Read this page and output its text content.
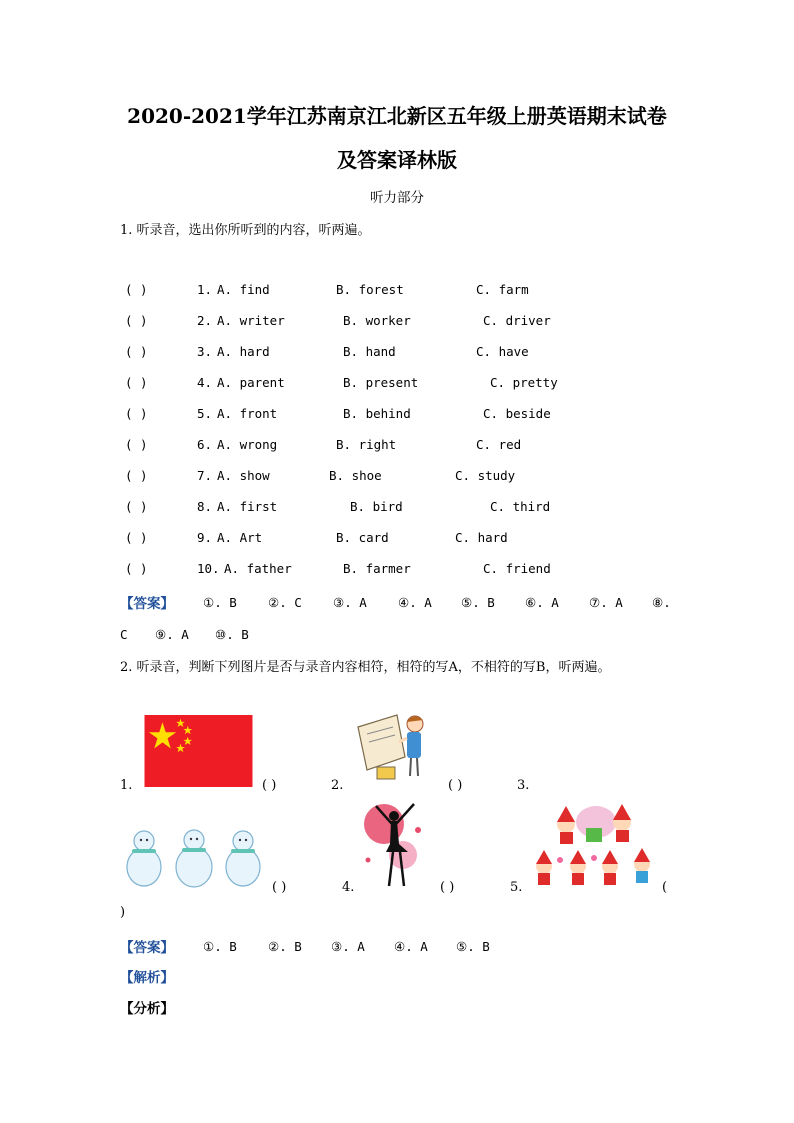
2020-2021学年江苏南京江北新区五年级上册英语期末试卷
及答案译林版
听力部分
1. 听录音，选出你所听到的内容，听两遍。
( )	1. A. find	B. forest	C. farm
( )	2. A. writer	B. worker	C. driver
( )	3. A. hard	B. hand	C. have
( )	4. A. parent	B. present	C. pretty
( )	5. A. front	B. behind	C. beside
( )	6. A. wrong	B. right	C. red
( )	7. A. show	B. shoe	C. study
( )	8. A. first	B. bird	C. third
( )	9. A. Art	B. card	C. hard
( )	10. A. father	B. farmer	C. friend
【答案】 ①. B ②. C ③. A ④. A ⑤. B ⑥. A ⑦. A ⑧.
C ⑨. A ⑩. B
2. 听录音，判断下列图片是否与录音内容相符，相符的写A，不相符的写B，听两遍。
1.	( )	2.	( )	3.
( )	4.	( )	5.	(
)
【答案】 ①. B ②. B ③. A ④. A ⑤. B
【解析】
【分析】
